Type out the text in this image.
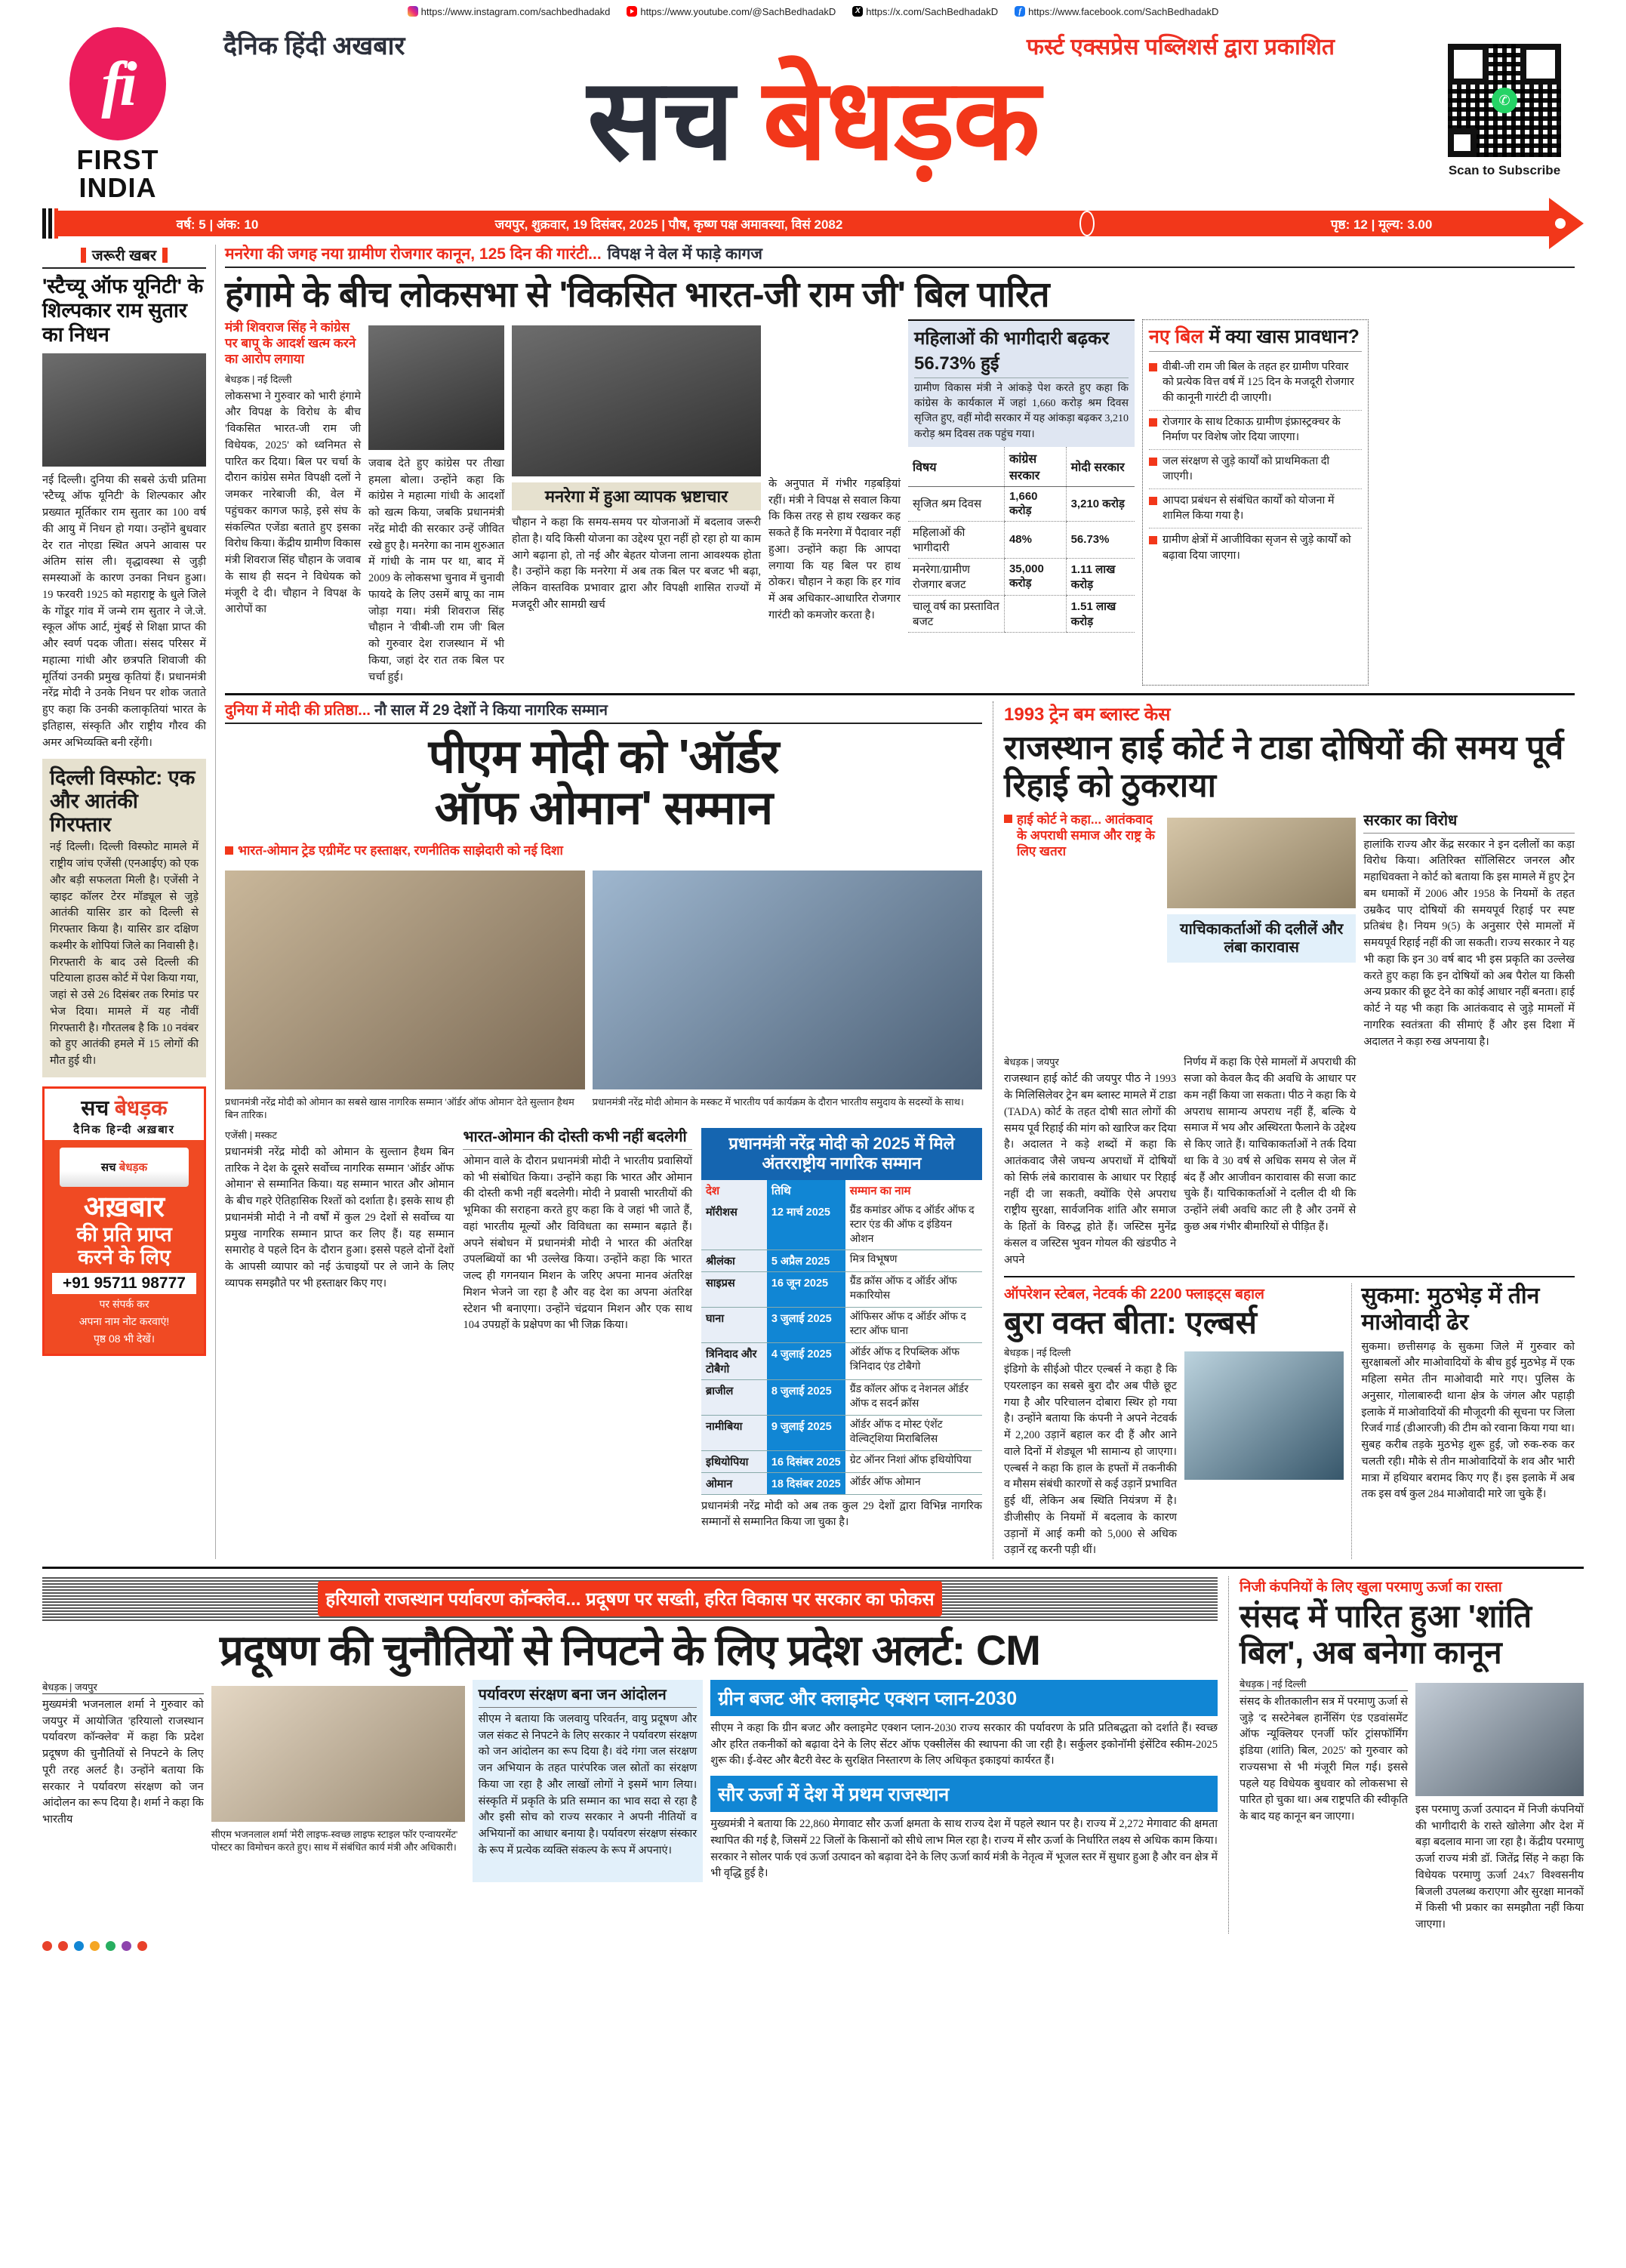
https://www.instagram.com/sachbedhadakd	https://www.youtube.com/@SachBedhadakD	X https://x.com/SachBedhadakD	f https://www.facebook.com/SachBedhadakD
fi
FIRST
INDIA
दैनिक हिंदी अखबार	फर्स्ट एक्सप्रेस पब्लिशर्स द्वारा प्रकाशित
सच बेधड़क	✆
Scan to Subscribe
वर्ष: 5 | अंक: 10	जयपुर, शुक्रवार, 19 दिसंबर, 2025 | पौष, कृष्ण पक्ष अमावस्या, विसं 2082	पृष्ठ: 12 | मूल्य: 3.00
जरूरी खबर
'स्टैच्यू ऑफ यूनिटी' के शिल्पकार राम सुतार का निधन
नई दिल्ली। दुनिया की सबसे ऊंची प्रतिमा 'स्टैच्यू ऑफ यूनिटी' के शिल्पकार और प्रख्यात मूर्तिकार राम सुतार का 100 वर्ष की आयु में निधन हो गया। उन्होंने बुधवार देर रात नोएडा स्थित अपने आवास पर अंतिम सांस ली। वृद्धावस्था से जुड़ी समस्याओं के कारण उनका निधन हुआ। 19 फरवरी 1925 को महाराष्ट्र के धुले जिले के गोंडूर गांव में जन्मे राम सुतार ने जे.जे. स्कूल ऑफ आर्ट, मुंबई से शिक्षा प्राप्त की और स्वर्ण पदक जीता। संसद परिसर में महात्मा गांधी और छत्रपति शिवाजी की मूर्तियां उनकी प्रमुख कृतियां हैं। प्रधानमंत्री नरेंद्र मोदी ने उनके निधन पर शोक जताते हुए कहा कि उनकी कलाकृतियां भारत के इतिहास, संस्कृति और राष्ट्रीय गौरव की अमर अभिव्यक्ति बनी रहेंगी।
दिल्ली विस्फोट: एक और आतंकी गिरफ्तार
नई दिल्ली। दिल्ली विस्फोट मामले में राष्ट्रीय जांच एजेंसी (एनआईए) को एक और बड़ी सफलता मिली है। एजेंसी ने व्हाइट कॉलर टेरर मॉड्यूल से जुड़े आतंकी यासिर डार को दिल्ली से गिरफ्तार किया है। यासिर डार दक्षिण कश्मीर के शोपियां जिले का निवासी है। गिरफ्तारी के बाद उसे दिल्ली की पटियाला हाउस कोर्ट में पेश किया गया, जहां से उसे 26 दिसंबर तक रिमांड पर भेज दिया। मामले में यह नौवीं गिरफ्तारी है। गौरतलब है कि 10 नवंबर को हुए आतंकी हमले में 15 लोगों की मौत हुई थी।
सच बेधड़क
दैनिक हिन्दी अख़बार
सच
बेधड़क
अख़बार
की प्रति प्राप्त
करने के लिए
+91 95711 98777
पर संपर्क कर
अपना नाम नोट करवाएं!
पृष्ठ 08 भी देखें।
मनरेगा की जगह नया ग्रामीण रोजगार कानून, 125 दिन की गारंटी... विपक्ष ने वेल में फाड़े कागज
हंगामे के बीच लोकसभा से 'विकसित भारत-जी राम जी' बिल पारित
मंत्री शिवराज सिंह ने कांग्रेस पर बापू के आदर्श खत्म करने का आरोप लगाया
बेधड़क | नई दिल्ली
लोकसभा ने गुरुवार को भारी हंगामे और विपक्ष के विरोध के बीच 'विकसित भारत-जी राम जी विधेयक, 2025' को ध्वनिमत से पारित कर दिया। बिल पर चर्चा के दौरान कांग्रेस समेत विपक्षी दलों ने जमकर नारेबाजी की, वेल में पहुंचकर कागज फाड़े, इसे संघ के संकल्पित एजेंडा बताते हुए इसका विरोध किया। केंद्रीय ग्रामीण विकास मंत्री शिवराज सिंह चौहान के जवाब के साथ ही सदन ने विधेयक को मंजूरी दे दी। चौहान ने विपक्ष के आरोपों का
जवाब देते हुए कांग्रेस पर तीखा हमला बोला। उन्होंने कहा कि कांग्रेस ने महात्मा गांधी के आदर्शों को खत्म किया, जबकि प्रधानमंत्री नरेंद्र मोदी की सरकार उन्हें जीवित रखे हुए है। मनरेगा का नाम शुरुआत में गांधी के नाम पर था, बाद में 2009 के लोकसभा चुनाव में चुनावी फायदे के लिए उसमें बापू का नाम जोड़ा गया। मंत्री शिवराज सिंह चौहान ने 'वीबी-जी राम जी' बिल को गुरुवार देश राजस्थान में भी किया, जहां देर रात तक बिल पर चर्चा हुई।
मनरेगा में हुआ व्यापक भ्रष्टाचार
चौहान ने कहा कि समय-समय पर योजनाओं में बदलाव जरूरी होता है। यदि किसी योजना का उद्देश्य पूरा नहीं हो रहा हो या काम आगे बढ़ाना हो, तो नई और बेहतर योजना लाना आवश्यक होता है। उन्होंने कहा कि मनरेगा में अब तक बिल पर बजट भी बढ़ा, लेकिन वास्तविक प्रभावार द्वारा और विपक्षी शासित राज्यों में मजदूरी और सामग्री खर्च
के अनुपात में गंभीर गड़बड़ियां रहीं। मंत्री ने विपक्ष से सवाल किया कि किस तरह से हाथ रखकर कह सकते हैं कि मनरेगा में पैदावार नहीं हुआ। उन्होंने कहा कि आपदा लगाया कि यह बिल पर हाथ ठोकर। चौहान ने कहा कि हर गांव में अब अधिकार-आधारित रोजगार गारंटी को कमजोर करता है।
महिलाओं की भागीदारी बढ़कर 56.73% हुई

ग्रामीण विकास मंत्री ने आंकड़े पेश करते हुए कहा कि कांग्रेस के कार्यकाल में जहां 1,660 करोड़ श्रम दिवस सृजित हुए, वहीं मोदी सरकार में यह आंकड़ा बढ़कर 3,210 करोड़ श्रम दिवस तक पहुंच गया।

विषय	कांग्रेस सरकार	मोदी सरकार
सृजित श्रम दिवस	1,660 करोड़	3,210 करोड़
महिलाओं की भागीदारी	48%	56.73%
मनरेगा/ग्रामीण रोजगार बजट	35,000 करोड़	1.11 लाख करोड़
चालू वर्ष का प्रस्तावित बजट		1.51 लाख करोड़
नए बिल में क्या खास प्रावधान?
वीबी-जी राम जी बिल के तहत हर ग्रामीण परिवार को प्रत्येक वित्त वर्ष में 125 दिन के मजदूरी रोजगार की कानूनी गारंटी दी जाएगी।
रोजगार के साथ टिकाऊ ग्रामीण इंफ्रास्ट्रक्चर के निर्माण पर विशेष जोर दिया जाएगा।
जल संरक्षण से जुड़े कार्यों को प्राथमिकता दी जाएगी।
आपदा प्रबंधन से संबंधित कार्यों को योजना में शामिल किया गया है।
ग्रामीण क्षेत्रों में आजीविका सृजन से जुड़े कार्यों को बढ़ावा दिया जाएगा।
दुनिया में मोदी की प्रतिष्ठा... नौ साल में 29 देशों ने किया नागरिक सम्मान
पीएम मोदी को 'ऑर्डर
ऑफ ओमान' सम्मान
भारत-ओमान ट्रेड एग्रीमेंट पर हस्ताक्षर, रणनीतिक साझेदारी को नई दिशा
प्रधानमंत्री नरेंद्र मोदी को ओमान का सबसे खास नागरिक सम्मान 'ऑर्डर ऑफ ओमान' देते सुल्तान हैथम बिन तारिक।
प्रधानमंत्री नरेंद्र मोदी ओमान के मस्कट में भारतीय पर्व कार्यक्रम के दौरान भारतीय समुदाय के सदस्यों के साथ।
एजेंसी | मस्कट
प्रधानमंत्री नरेंद्र मोदी को ओमान के सुल्तान हैथम बिन तारिक ने देश के दूसरे सर्वोच्च नागरिक सम्मान 'ऑर्डर ऑफ ओमान' से सम्मानित किया। यह सम्मान भारत और ओमान के बीच गहरे ऐतिहासिक रिश्तों को दर्शाता है। इसके साथ ही प्रधानमंत्री मोदी ने नौ वर्षों में कुल 29 देशों से सर्वोच्च या प्रमुख नागरिक सम्मान प्राप्त कर लिए हैं। यह सम्मान समारोह वे पहले दिन के दौरान हुआ। इससे पहले दोनों देशों के आपसी व्यापार को नई ऊंचाइयों पर ले जाने के लिए व्यापक समझौते पर भी हस्ताक्षर किए गए।
भारत-ओमान की दोस्ती कभी नहीं बदलेगी
ओमान वाले के दौरान प्रधानमंत्री मोदी ने भारतीय प्रवासियों को भी संबोधित किया। उन्होंने कहा कि भारत और ओमान की दोस्ती कभी नहीं बदलेगी। मोदी ने प्रवासी भारतीयों की भूमिका की सराहना करते हुए कहा कि वे जहां भी जाते हैं, वहां भारतीय मूल्यों और विविधता का सम्मान बढ़ाते हैं। अपने संबोधन में प्रधानमंत्री मोदी ने भारत की अंतरिक्ष उपलब्धियों का भी उल्लेख किया। उन्होंने कहा कि भारत जल्द ही गगनयान मिशन के जरिए अपना मानव अंतरिक्ष मिशन भेजने जा रहा है और वह देश का अपना अंतरिक्ष स्टेशन भी बनाएगा। उन्होंने चंद्रयान मिशन और एक साथ 104 उपग्रहों के प्रक्षेपण का भी जिक्र किया।
प्रधानमंत्री नरेंद्र मोदी को 2025 में मिले अंतरराष्ट्रीय नागरिक सम्मान
देश	तिथि	सम्मान का नाम
मॉरीशस	12 मार्च 2025	ग्रैंड कमांडर ऑफ द ऑर्डर ऑफ द स्टार एंड की ऑफ द इंडियन ओशन
श्रीलंका	5 अप्रैल 2025	मित्र विभूषण
साइप्रस	16 जून 2025	ग्रैंड क्रॉस ऑफ द ऑर्डर ऑफ मकारियोस
घाना	3 जुलाई 2025	ऑफिसर ऑफ द ऑर्डर ऑफ द स्टार ऑफ घाना
त्रिनिदाद और टोबैगो	4 जुलाई 2025	ऑर्डर ऑफ द रिपब्लिक ऑफ त्रिनिदाद एंड टोबैगो
ब्राजील	8 जुलाई 2025	ग्रैंड कॉलर ऑफ द नेशनल ऑर्डर ऑफ द सदर्न क्रॉस
नामीबिया	9 जुलाई 2025	ऑर्डर ऑफ द मोस्ट एंशेंट वेल्विट्शिया मिराबिलिस
इथियोपिया	16 दिसंबर 2025	ग्रेट ऑनर निशां ऑफ इथियोपिया
ओमान	18 दिसंबर 2025	ऑर्डर ऑफ ओमान
प्रधानमंत्री नरेंद्र मोदी को अब तक कुल 29 देशों द्वारा विभिन्न नागरिक सम्मानों से सम्मानित किया जा चुका है।
1993 ट्रेन बम ब्लास्ट केस
राजस्थान हाई कोर्ट ने टाडा दोषियों की समय पूर्व रिहाई को ठुकराया
हाई कोर्ट ने कहा... आतंकवाद के अपराधी समाज और राष्ट्र के लिए खतरा
याचिकाकर्ताओं की दलीलें और लंबा कारावास
सरकार का विरोध
हालांकि राज्य और केंद्र सरकार ने इन दलीलों का कड़ा विरोध किया। अतिरिक्त सॉलिसिटर जनरल और महाधिवक्ता ने कोर्ट को बताया कि इस मामले में हुए ट्रेन बम धमाकों में 2006 और 1958 के नियमों के तहत उम्रकैद पाए दोषियों की समयपूर्व रिहाई पर स्पष्ट प्रतिबंध है। नियम 9(5) के अनुसार ऐसे मामलों में समयपूर्व रिहाई नहीं की जा सकती। राज्य सरकार ने यह भी कहा कि इन 30 वर्ष बाद भी इस प्रकृति का उल्लेख करते हुए कहा कि इन दोषियों को अब पैरोल या किसी अन्य प्रकार की छूट देने का कोई आधार नहीं बनता। हाई कोर्ट ने यह भी कहा कि आतंकवाद से जुड़े मामलों में नागरिक स्वतंत्रता की सीमाएं हैं और इस दिशा में अदालत ने कड़ा रुख अपनाया है।
बेधड़क | जयपुर
राजस्थान हाई कोर्ट की जयपुर पीठ ने 1993 के मिलिसिलेवर ट्रेन बम ब्लास्ट मामले में टाडा (TADA) कोर्ट के तहत दोषी सात लोगों की समय पूर्व रिहाई की मांग को खारिज कर दिया है। अदालत ने कड़े शब्दों में कहा कि आतंकवाद जैसे जघन्य अपराधों में दोषियों को सिर्फ लंबे कारावास के आधार पर रिहाई नहीं दी जा सकती, क्योंकि ऐसे अपराध राष्ट्रीय सुरक्षा, सार्वजनिक शांति और समाज के हितों के विरुद्ध होते हैं। जस्टिस मुनेंद्र कंसल व जस्टिस भुवन गोयल की खंडपीठ ने अपने
निर्णय में कहा कि ऐसे मामलों में अपराधी की सजा को केवल कैद की अवधि के आधार पर कम नहीं किया जा सकता। पीठ ने कहा कि ये अपराध सामान्य अपराध नहीं हैं, बल्कि ये समाज में भय और अस्थिरता फैलाने के उद्देश्य से किए जाते हैं। याचिकाकर्ताओं ने तर्क दिया था कि वे 30 वर्ष से अधिक समय से जेल में बंद हैं और आजीवन कारावास की सजा काट चुके हैं। याचिकाकर्ताओं ने दलील दी थी कि उन्होंने लंबी अवधि काट ली है और उनमें से कुछ अब गंभीर बीमारियों से पीड़ित हैं।
ऑपरेशन स्टेबल, नेटवर्क की 2200 फ्लाइट्स बहाल
बुरा वक्त बीता: एल्बर्स
बेधड़क | नई दिल्ली
इंडिगो के सीईओ पीटर एल्बर्स ने कहा है कि एयरलाइन का सबसे बुरा दौर अब पीछे छूट गया है और परिचालन दोबारा स्थिर हो गया है। उन्होंने बताया कि कंपनी ने अपने नेटवर्क में 2,200 उड़ानें बहाल कर दी हैं और आने वाले दिनों में शेड्यूल भी सामान्य हो जाएगा। एल्बर्स ने कहा कि हाल के हफ्तों में तकनीकी व मौसम संबंधी कारणों से कई उड़ानें प्रभावित हुई थीं, लेकिन अब स्थिति नियंत्रण में है। डीजीसीए के नियमों में बदलाव के कारण उड़ानों में आई कमी को 5,000 से अधिक उड़ानें रद्द करनी पड़ी थीं।
सुकमा: मुठभेड़ में तीन माओवादी ढेर
सुकमा। छत्तीसगढ़ के सुकमा जिले में गुरुवार को सुरक्षाबलों और माओवादियों के बीच हुई मुठभेड़ में एक महिला समेत तीन माओवादी मारे गए। पुलिस के अनुसार, गोलाबारुदी थाना क्षेत्र के जंगल और पहाड़ी इलाके में माओवादियों की मौजूदगी की सूचना पर जिला रिजर्व गार्ड (डीआरजी) की टीम को रवाना किया गया था। सुबह करीब तड़के मुठभेड़ शुरू हुई, जो रुक-रुक कर चलती रही। मौके से तीन माओवादियों के शव और भारी मात्रा में हथियार बरामद किए गए हैं। इस इलाके में अब तक इस वर्ष कुल 284 माओवादी मारे जा चुके हैं।
हरियालो राजस्थान पर्यावरण कॉन्क्लेव... प्रदूषण पर सख्ती, हरित विकास पर सरकार का फोकस
प्रदूषण की चुनौतियों से निपटने के लिए प्रदेश अलर्ट: CM
बेधड़क | जयपुर
मुख्यमंत्री भजनलाल शर्मा ने गुरुवार को जयपुर में आयोजित 'हरियालो राजस्थान पर्यावरण कॉन्क्लेव' में कहा कि प्रदेश प्रदूषण की चुनौतियों से निपटने के लिए पूरी तरह अलर्ट है। उन्होंने बताया कि सरकार ने पर्यावरण संरक्षण को जन आंदोलन का रूप दिया है। शर्मा ने कहा कि भारतीय
सीएम भजनलाल शर्मा 'मेरी लाइफ-स्वच्छ लाइफ स्टाइल फॉर एन्वायरमेंट' पोस्टर का विमोचन करते हुए। साथ में संबंधित कार्य मंत्री और अधिकारी।
पर्यावरण संरक्षण बना जन आंदोलन
सीएम ने बताया कि जलवायु परिवर्तन, वायु प्रदूषण और जल संकट से निपटने के लिए सरकार ने पर्यावरण संरक्षण को जन आंदोलन का रूप दिया है। वंदे गंगा जल संरक्षण जन अभियान के तहत पारंपरिक जल स्रोतों का संरक्षण किया जा रहा है और लाखों लोगों ने इसमें भाग लिया। संस्कृति में प्रकृति के प्रति सम्मान का भाव सदा से रहा है और इसी सोच को राज्य सरकार ने अपनी नीतियों व अभियानों का आधार बनाया है। पर्यावरण संरक्षण संस्कार के रूप में प्रत्येक व्यक्ति संकल्प के रूप में अपनाएं।
ग्रीन बजट और क्लाइमेट एक्शन प्लान-2030
सीएम ने कहा कि ग्रीन बजट और क्लाइमेट एक्शन प्लान-2030 राज्य सरकार की पर्यावरण के प्रति प्रतिबद्धता को दर्शाते हैं। स्वच्छ और हरित तकनीकों को बढ़ावा देने के लिए सेंटर ऑफ एक्सीलेंस की स्थापना की जा रही है। सर्कुलर इकोनॉमी इंसेंटिव स्कीम-2025 शुरू की। ई-वेस्ट और बैटरी वेस्ट के सुरक्षित निस्तारण के लिए अधिकृत इकाइयां कार्यरत हैं।
सौर ऊर्जा में देश में प्रथम राजस्थान
मुख्यमंत्री ने बताया कि 22,860 मेगावाट सौर ऊर्जा क्षमता के साथ राज्य देश में पहले स्थान पर है। राज्य में 2,272 मेगावाट की क्षमता स्थापित की गई है, जिसमें 22 जिलों के किसानों को सीधे लाभ मिल रहा है। राज्य में सौर ऊर्जा के निर्धारित लक्ष्य से अधिक काम किया। सरकार ने सोलर पार्क एवं ऊर्जा उत्पादन को बढ़ावा देने के लिए ऊर्जा कार्य मंत्री के नेतृत्व में भूजल स्तर में सुधार हुआ है और वन क्षेत्र में भी वृद्धि हुई है।
निजी कंपनियों के लिए खुला परमाणु ऊर्जा का रास्ता
संसद में पारित हुआ 'शांति बिल', अब बनेगा कानून
बेधड़क | नई दिल्ली
संसद के शीतकालीन सत्र में परमाणु ऊर्जा से जुड़े 'द सस्टेनेबल हार्नेसिंग एंड एडवांसमेंट ऑफ न्यूक्लियर एनर्जी फॉर ट्रांसफॉर्मिंग इंडिया (शांति) बिल, 2025' को गुरुवार को राज्यसभा से भी मंजूरी मिल गई। इससे पहले यह विधेयक बुधवार को लोकसभा से पारित हो चुका था। अब राष्ट्रपति की स्वीकृति के बाद यह कानून बन जाएगा।
इस परमाणु ऊर्जा उत्पादन में निजी कंपनियों की भागीदारी के रास्ते खोलेगा और देश में बड़ा बदलाव माना जा रहा है। केंद्रीय परमाणु ऊर्जा राज्य मंत्री डॉ. जितेंद्र सिंह ने कहा कि विधेयक परमाणु ऊर्जा 24x7 विश्वसनीय बिजली उपलब्ध कराएगा और सुरक्षा मानकों में किसी भी प्रकार का समझौता नहीं किया जाएगा।
